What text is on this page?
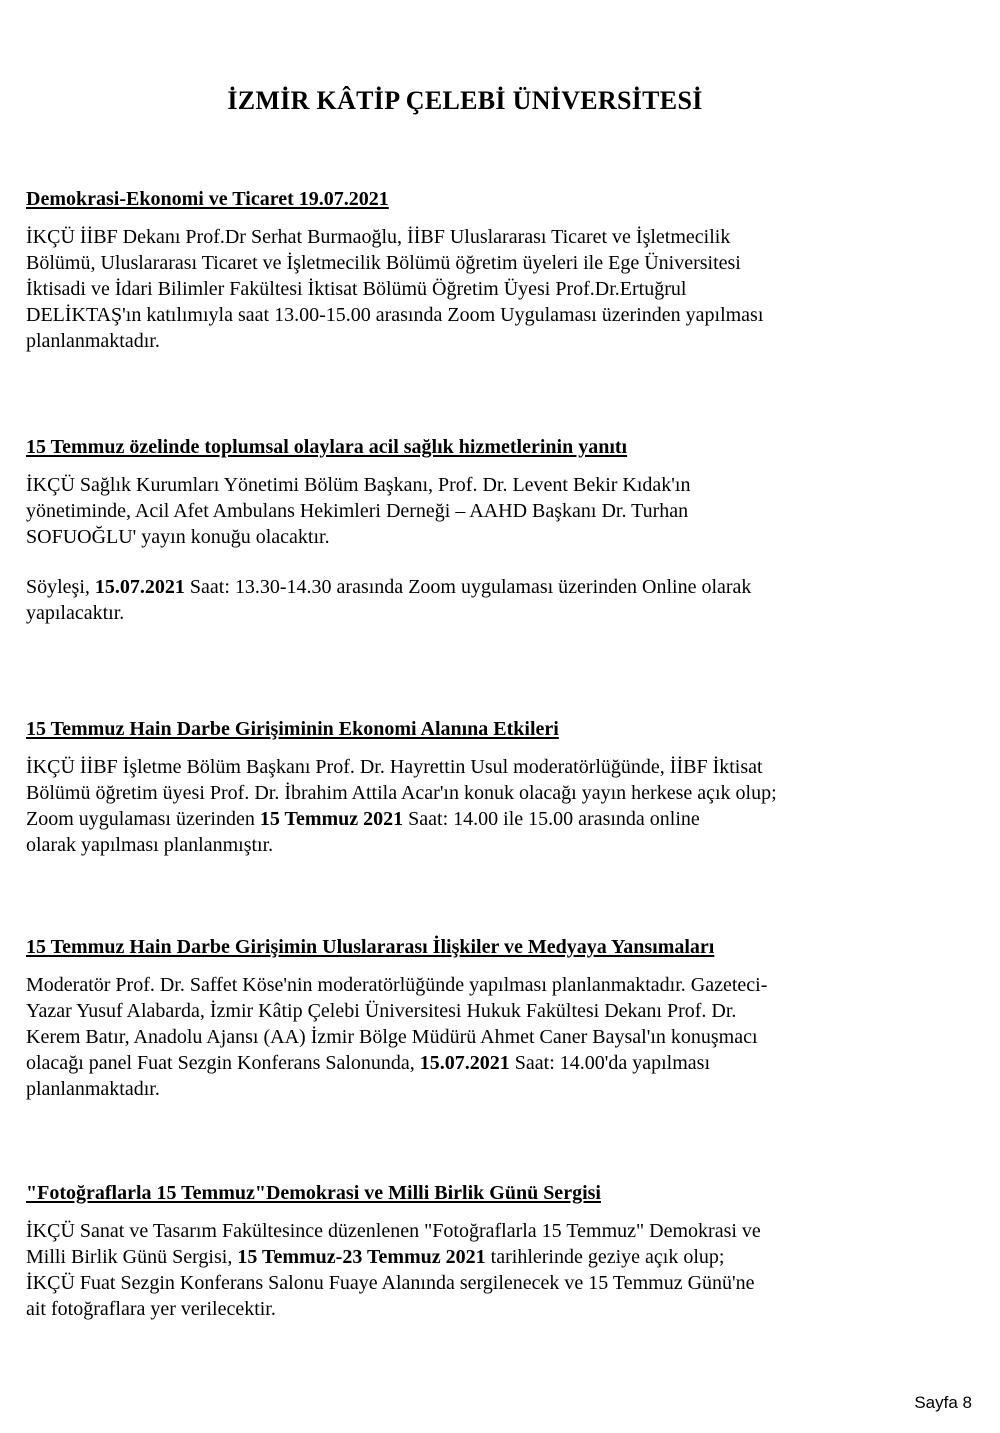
İZMİR KÂTİP ÇELEBİ ÜNİVERSİTESİ
Demokrasi-Ekonomi ve Ticaret 19.07.2021

İKÇÜ İİBF Dekanı Prof.Dr Serhat Burmaoğlu, İİBF Uluslararası Ticaret ve İşletmecilik
Bölümü, Uluslararası Ticaret ve İşletmecilik Bölümü öğretim üyeleri ile Ege Üniversitesi
İktisadi ve İdari Bilimler Fakültesi İktisat Bölümü Öğretim Üyesi Prof.Dr.Ertuğrul
DELİKTAŞ'ın katılımıyla saat 13.00-15.00 arasında Zoom Uygulaması üzerinden yapılması
planlanmaktadır.

15 Temmuz özelinde toplumsal olaylara acil sağlık hizmetlerinin yanıtı

İKÇÜ Sağlık Kurumları Yönetimi Bölüm Başkanı, Prof. Dr. Levent Bekir Kıdak'ın
yönetiminde, Acil Afet Ambulans Hekimleri Derneği – AAHD Başkanı Dr. Turhan
SOFUOĞLU' yayın konuğu olacaktır.

Söyleşi, 15.07.2021 Saat: 13.30-14.30 arasında Zoom uygulaması üzerinden Online olarak
yapılacaktır.

15 Temmuz Hain Darbe Girişiminin Ekonomi Alanına Etkileri

İKÇÜ İİBF İşletme Bölüm Başkanı Prof. Dr. Hayrettin Usul moderatörlüğünde, İİBF İktisat
Bölümü öğretim üyesi Prof. Dr. İbrahim Attila Acar'ın konuk olacağı yayın herkese açık olup;
Zoom uygulaması üzerinden 15 Temmuz 2021 Saat: 14.00 ile 15.00 arasında online
olarak yapılması planlanmıştır.

15 Temmuz Hain Darbe Girişimin Uluslararası İlişkiler ve Medyaya Yansımaları

Moderatör Prof. Dr. Saffet Köse'nin moderatörlüğünde yapılması planlanmaktadır. Gazeteci-
Yazar Yusuf Alabarda, İzmir Kâtip Çelebi Üniversitesi Hukuk Fakültesi Dekanı Prof. Dr.
Kerem Batır, Anadolu Ajansı (AA) İzmir Bölge Müdürü Ahmet Caner Baysal'ın konuşmacı
olacağı panel Fuat Sezgin Konferans Salonunda, 15.07.2021 Saat: 14.00'da yapılması
planlanmaktadır.

"Fotoğraflarla 15 Temmuz"Demokrasi ve Milli Birlik Günü Sergisi

İKÇÜ Sanat ve Tasarım Fakültesince düzenlenen "Fotoğraflarla 15 Temmuz" Demokrasi ve
Milli Birlik Günü Sergisi, 15 Temmuz-23 Temmuz 2021 tarihlerinde geziye açık olup;
İKÇÜ Fuat Sezgin Konferans Salonu Fuaye Alanında sergilenecek ve 15 Temmuz Günü'ne
ait fotoğraflara yer verilecektir.

Sayfa 8
